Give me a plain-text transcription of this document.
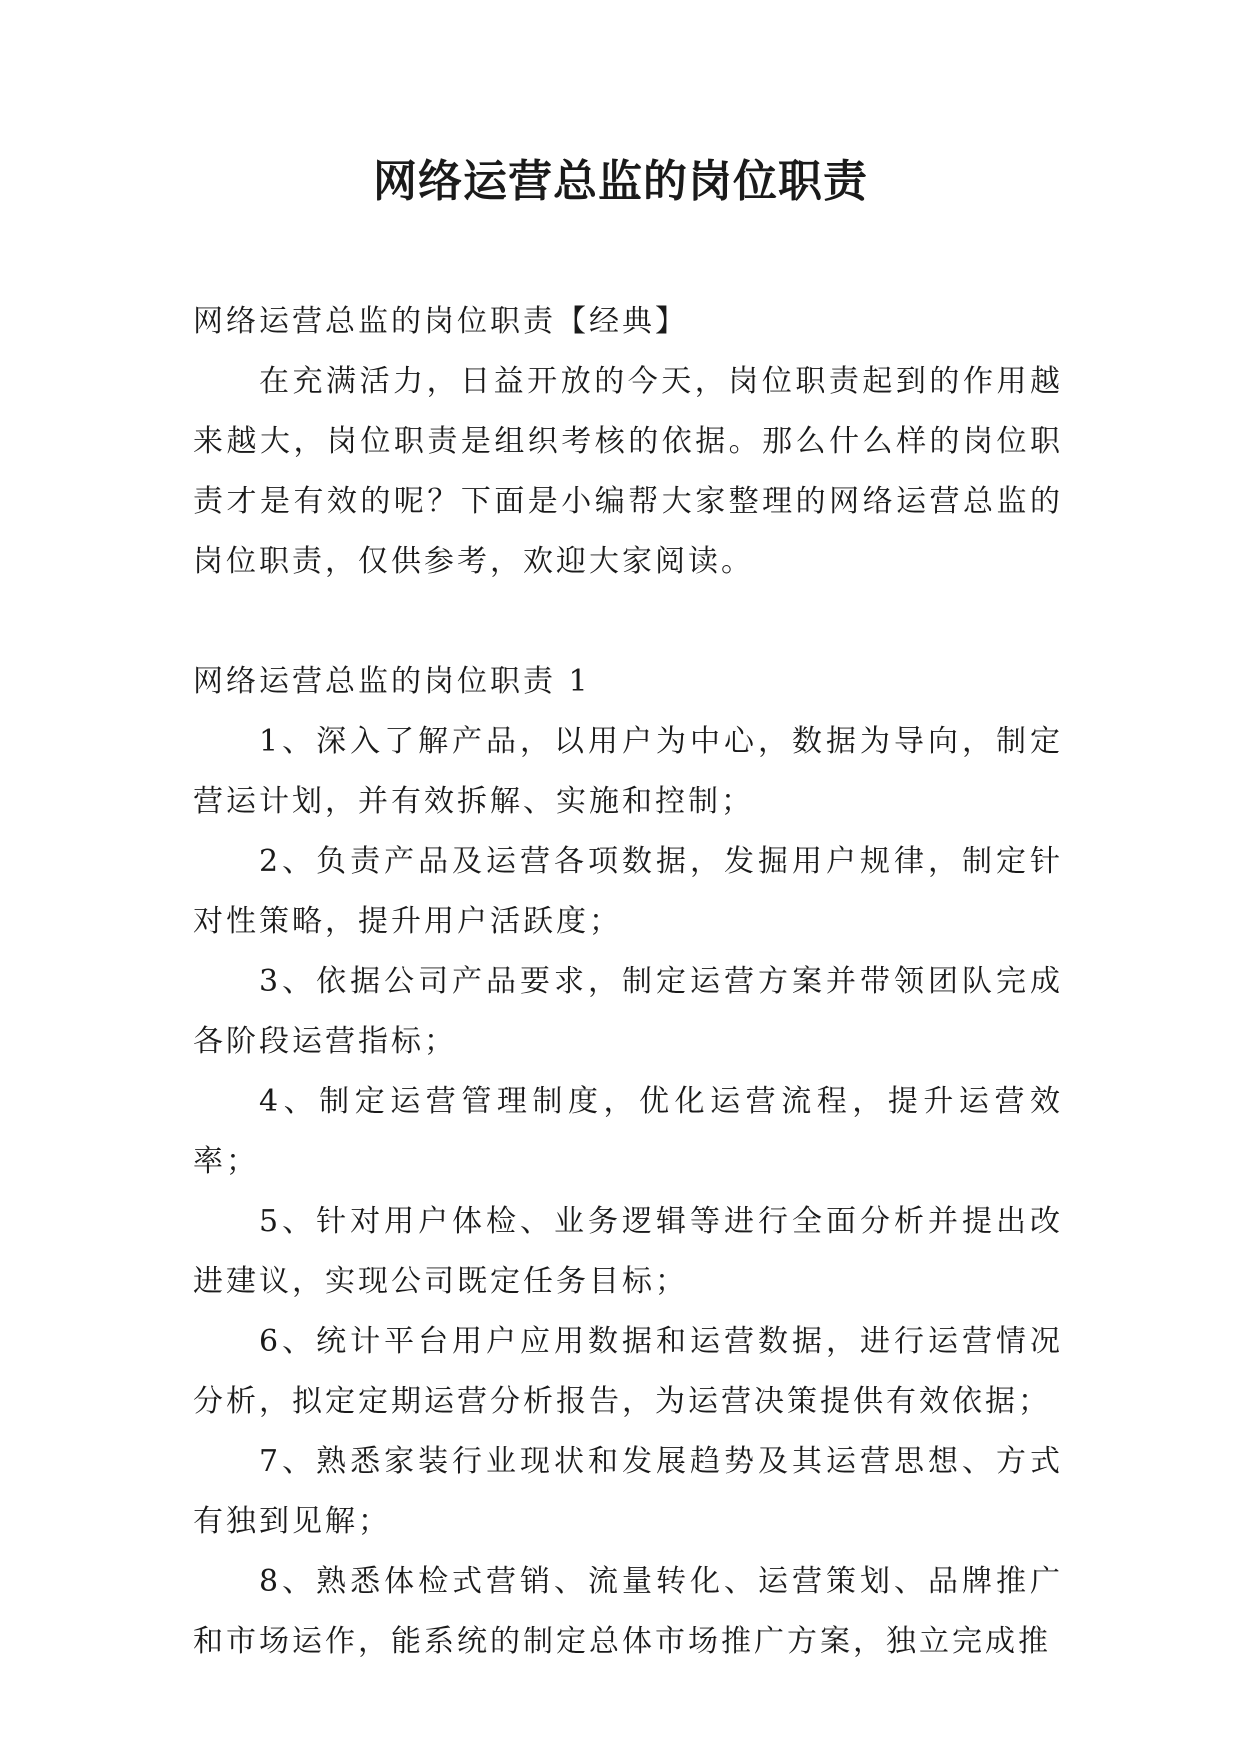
网络运营总监的岗位职责

网络运营总监的岗位职责【经典】

在充满活力，日益开放的今天，岗位职责起到的作用越来越大，岗位职责是组织考核的依据。那么什么样的岗位职责才是有效的呢？下面是小编帮大家整理的网络运营总监的岗位职责，仅供参考，欢迎大家阅读。

网络运营总监的岗位职责 1

1、深入了解产品，以用户为中心，数据为导向，制定营运计划，并有效拆解、实施和控制；

2、负责产品及运营各项数据，发掘用户规律，制定针对性策略，提升用户活跃度；

3、依据公司产品要求，制定运营方案并带领团队完成各阶段运营指标；

4、制定运营管理制度，优化运营流程，提升运营效率；

5、针对用户体检、业务逻辑等进行全面分析并提出改进建议，实现公司既定任务目标；

6、统计平台用户应用数据和运营数据，进行运营情况分析，拟定定期运营分析报告，为运营决策提供有效依据；

7、熟悉家装行业现状和发展趋势及其运营思想、方式有独到见解；

8、熟悉体检式营销、流量转化、运营策划、品牌推广和市场运作，能系统的制定总体市场推广方案，独立完成推
